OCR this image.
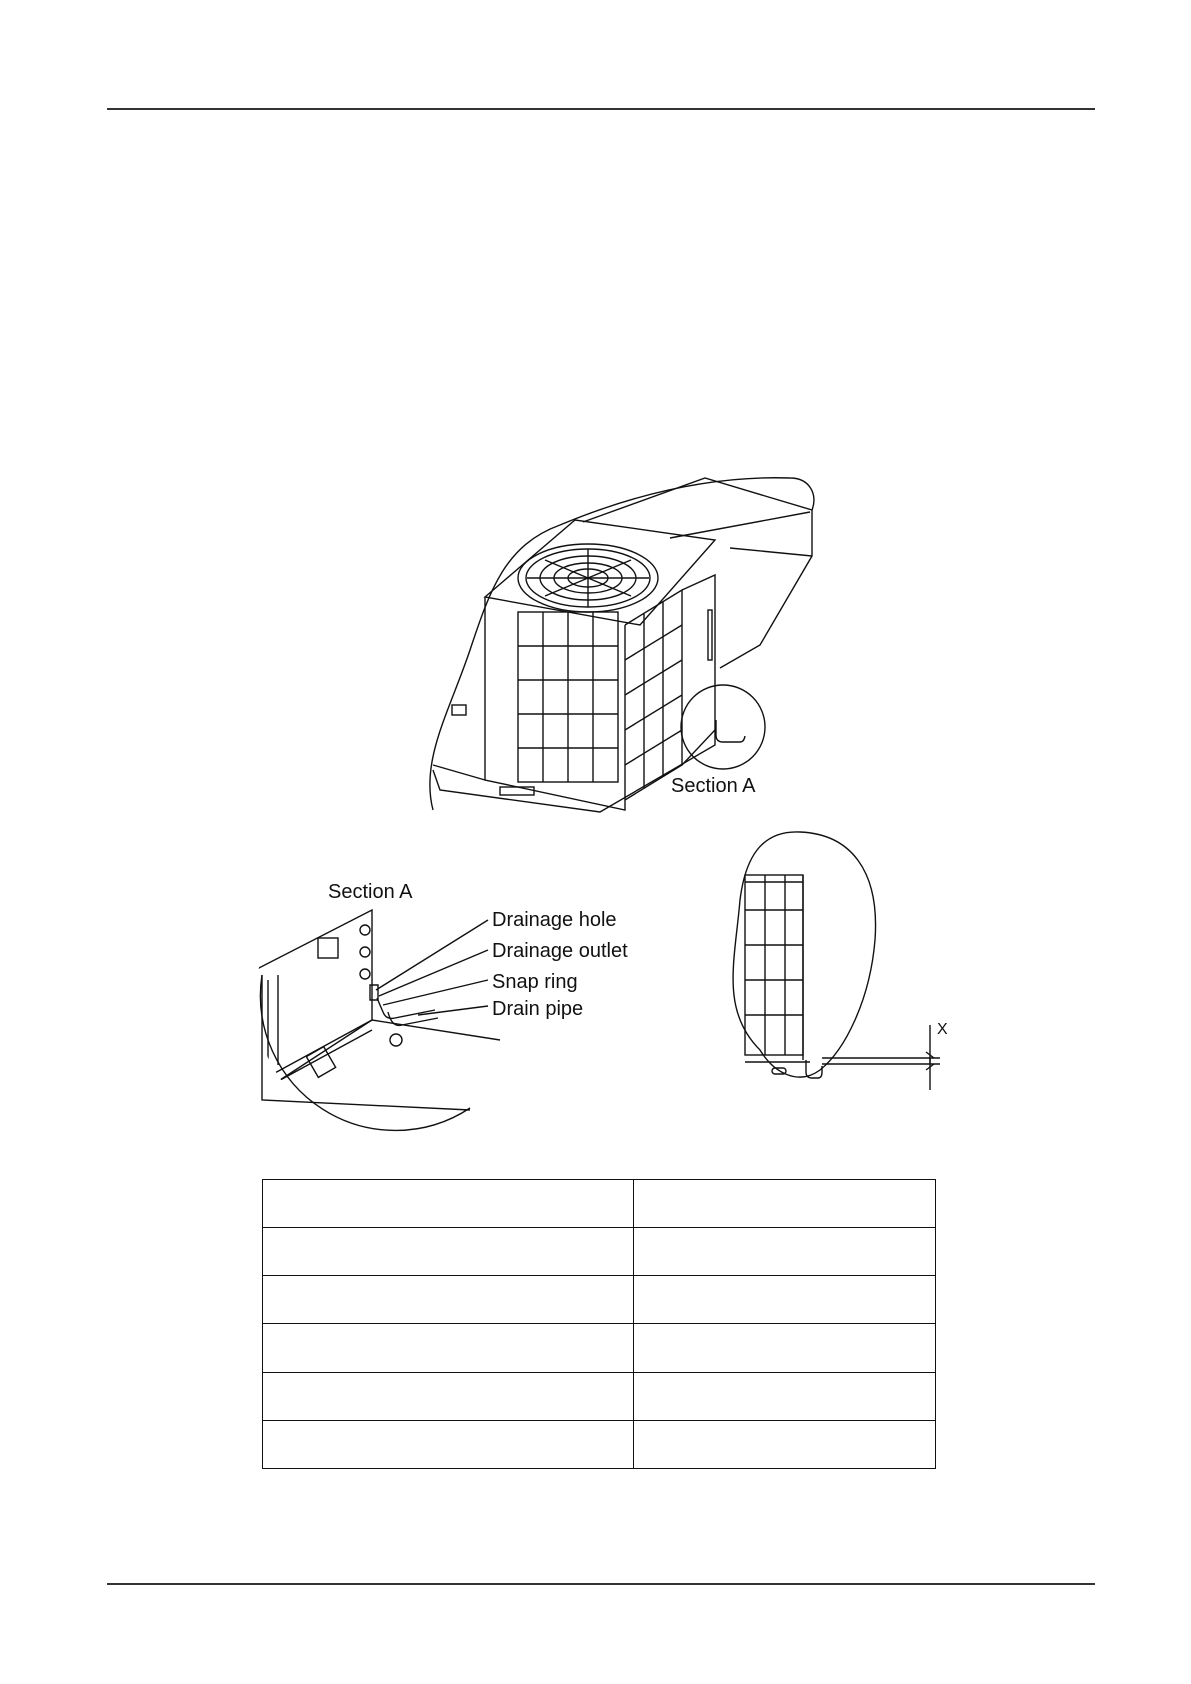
Section A
Section A
Drainage hole
Drainage outlet
Snap ring
Drain pipe
X
